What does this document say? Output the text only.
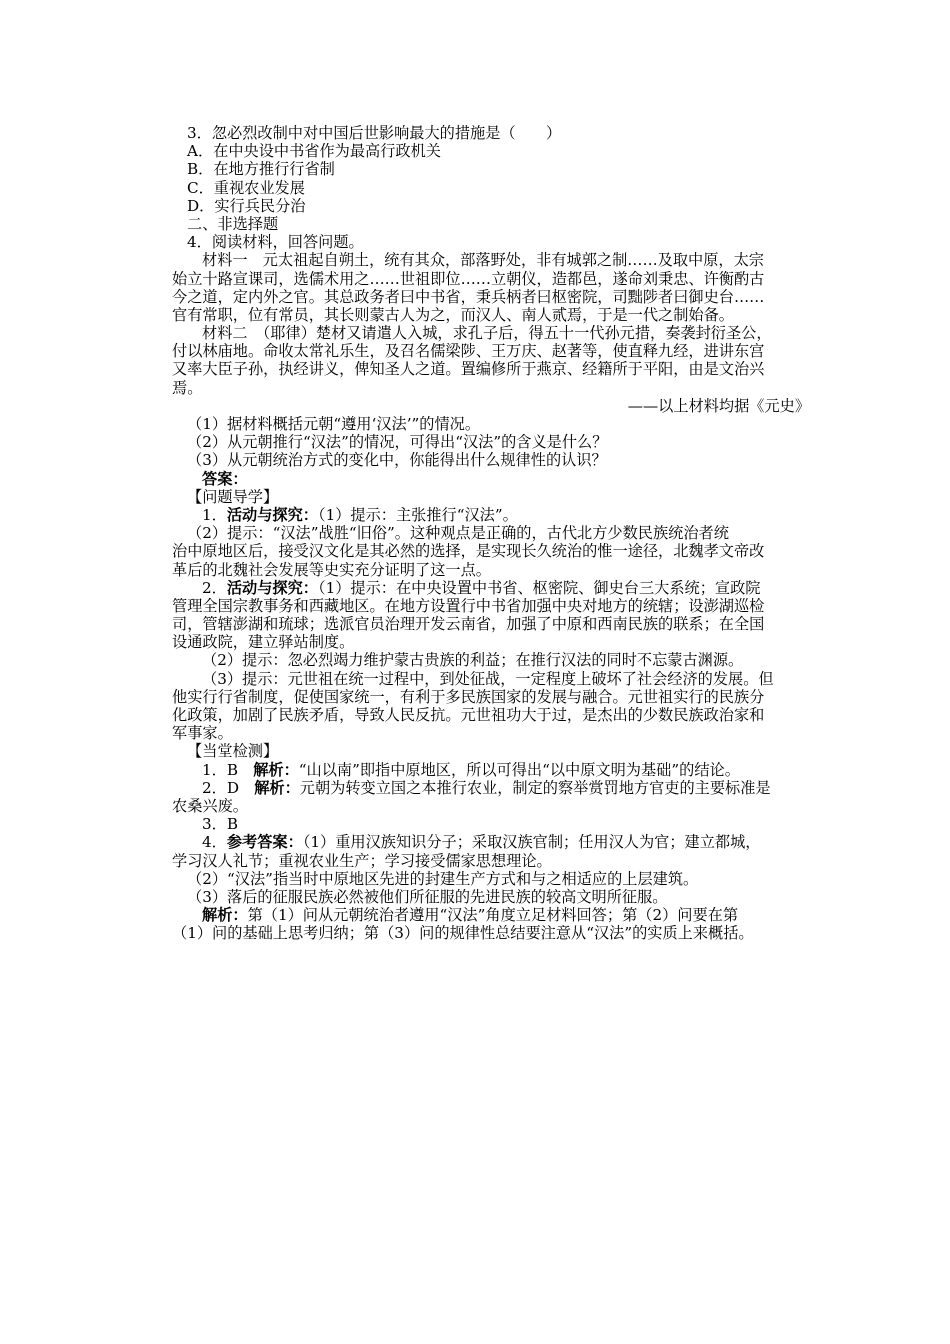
3．忽必烈改制中对中国后世影响最大的措施是（　　）
A．在中央设中书省作为最高行政机关
B．在地方推行行省制
C．重视农业发展
D．实行兵民分治
二、非选择题
4．阅读材料，回答问题。
材料一　元太祖起自朔土，统有其众，部落野处，非有城郭之制……及取中原，太宗
始立十路宣课司，选儒术用之……世祖即位……立朝仪，造都邑，遂命刘秉忠、许衡酌古
今之道，定内外之官。其总政务者曰中书省，秉兵柄者曰枢密院，司黜陟者曰御史台……
官有常职，位有常员，其长则蒙古人为之，而汉人、南人贰焉，于是一代之制始备。
材料二　（耶律）楚材又请遣人入城，求孔子后，得五十一代孙元措，奏袭封衍圣公，
付以林庙地。命收太常礼乐生，及召名儒梁陟、王万庆、赵著等，使直释九经，进讲东宫
又率大臣子孙，执经讲义，俾知圣人之道。置编修所于燕京、经籍所于平阳，由是文治兴
焉。
——以上材料均据《元史》
（1）据材料概括元朝“遵用‘汉法’”的情况。
（2）从元朝推行“汉法”的情况，可得出“汉法”的含义是什么？
（3）从元朝统治方式的变化中，你能得出什么规律性的认识？
答案：
【问题导学】
1．活动与探究：（1）提示：主张推行“汉法”。
（2）提示：“汉法”战胜“旧俗”。这种观点是正确的，古代北方少数民族统治者统
治中原地区后，接受汉文化是其必然的选择，是实现长久统治的惟一途径，北魏孝文帝改
革后的北魏社会发展等史实充分证明了这一点。
2．活动与探究：（1）提示：在中央设置中书省、枢密院、御史台三大系统；宣政院
管理全国宗教事务和西藏地区。在地方设置行中书省加强中央对地方的统辖；设澎湖巡检
司，管辖澎湖和琉球；选派官员治理开发云南省，加强了中原和西南民族的联系；在全国
设通政院，建立驿站制度。
（2）提示：忽必烈竭力维护蒙古贵族的利益；在推行汉法的同时不忘蒙古渊源。
（3）提示：元世祖在统一过程中，到处征战，一定程度上破坏了社会经济的发展。但
他实行行省制度，促使国家统一，有利于多民族国家的发展与融合。元世祖实行的民族分
化政策，加剧了民族矛盾，导致人民反抗。元世祖功大于过，是杰出的少数民族政治家和
军事家。
【当堂检测】
1．B　解析：“山以南”即指中原地区，所以可得出“以中原文明为基础”的结论。
2．D　解析：元朝为转变立国之本推行农业，制定的察举赏罚地方官吏的主要标准是
农桑兴废。
3．B
4．参考答案：（1）重用汉族知识分子；采取汉族官制；任用汉人为官；建立都城，
学习汉人礼节；重视农业生产；学习接受儒家思想理论。
（2）“汉法”指当时中原地区先进的封建生产方式和与之相适应的上层建筑。
（3）落后的征服民族必然被他们所征服的先进民族的较高文明所征服。
解析：第（1）问从元朝统治者遵用“汉法”角度立足材料回答；第（2）问要在第
（1）问的基础上思考归纳；第（3）问的规律性总结要注意从“汉法”的实质上来概括。
